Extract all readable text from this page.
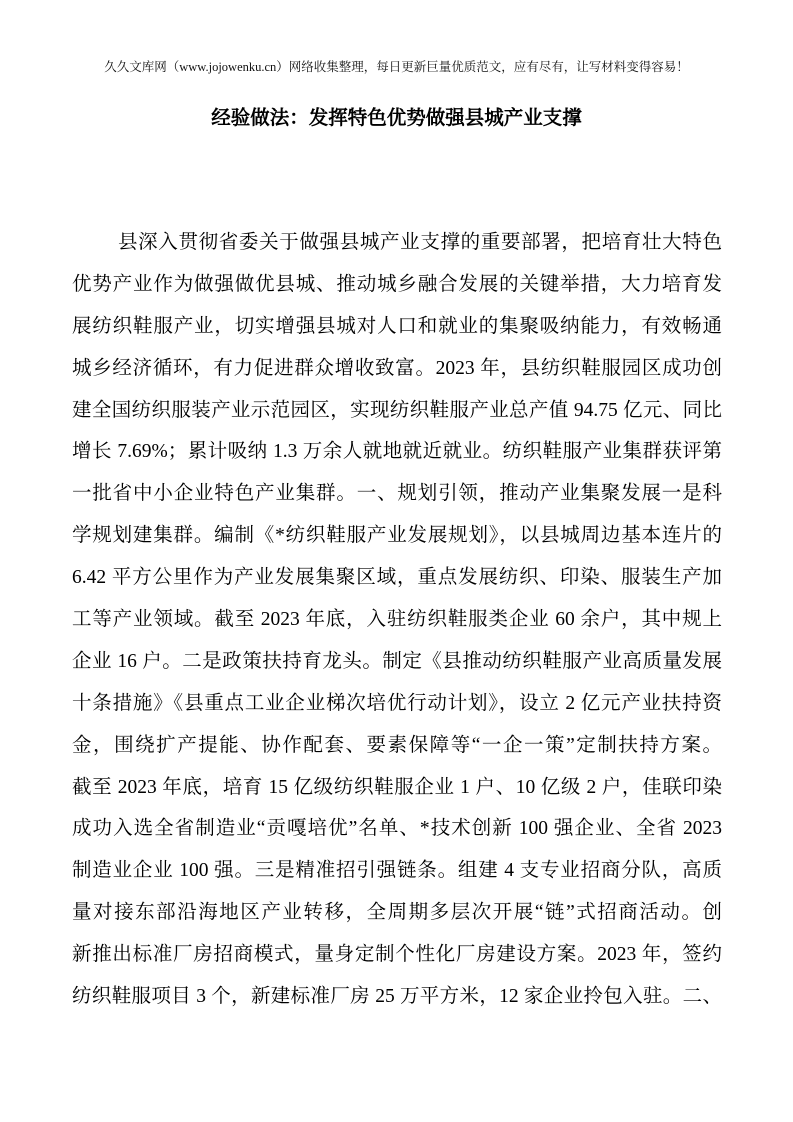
久久文库网（www.jojowenku.cn）网络收集整理，每日更新巨量优质范文，应有尽有，让写材料变得容易！
经验做法：发挥特色优势做强县城产业支撑
县深入贯彻省委关于做强县城产业支撑的重要部署，把培育壮大特色
优势产业作为做强做优县城、推动城乡融合发展的关键举措，大力培育发
展纺织鞋服产业，切实增强县城对人口和就业的集聚吸纳能力，有效畅通
城乡经济循环，有力促进群众增收致富。2023 年，县纺织鞋服园区成功创
建全国纺织服装产业示范园区，实现纺织鞋服产业总产值 94.75 亿元、同比
增长 7.69%；累计吸纳 1.3 万余人就地就近就业。纺织鞋服产业集群获评第
一批省中小企业特色产业集群。一、规划引领，推动产业集聚发展一是科
学规划建集群。编制《*纺织鞋服产业发展规划》，以县城周边基本连片的
6.42 平方公里作为产业发展集聚区域，重点发展纺织、印染、服装生产加
工等产业领域。截至 2023 年底，入驻纺织鞋服类企业 60 余户，其中规上
企业 16 户。二是政策扶持育龙头。制定《县推动纺织鞋服产业高质量发展
十条措施》《县重点工业企业梯次培优行动计划》，设立 2 亿元产业扶持资
金，围绕扩产提能、协作配套、要素保障等“一企一策”定制扶持方案。
截至 2023 年底，培育 15 亿级纺织鞋服企业 1 户、10 亿级 2 户，佳联印染
成功入选全省制造业“贡嘎培优”名单、*技术创新 100 强企业、全省 2023
制造业企业 100 强。三是精准招引强链条。组建 4 支专业招商分队，高质
量对接东部沿海地区产业转移，全周期多层次开展“链”式招商活动。创
新推出标准厂房招商模式，量身定制个性化厂房建设方案。2023 年，签约
纺织鞋服项目 3 个，新建标准厂房 25 万平方米，12 家企业拎包入驻。二、
